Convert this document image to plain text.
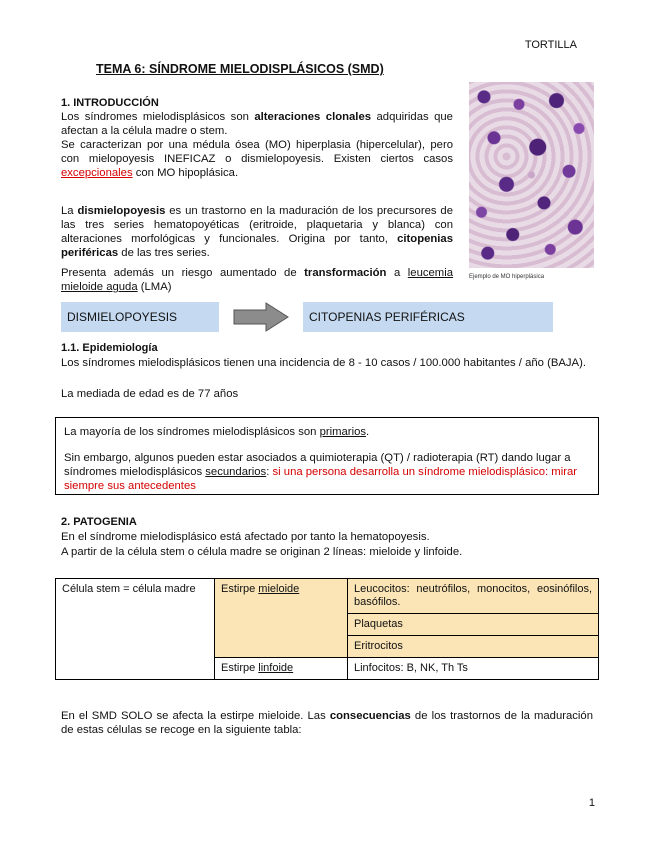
TORTILLA
TEMA 6: SÍNDROME MIELODISPLÁSICOS (SMD)
1. INTRODUCCIÓN
Los síndromes mielodisplásicos son alteraciones clonales adquiridas que afectan a la célula madre o stem.
Se caracterizan por una médula ósea (MO) hiperplasia (hipercelular), pero con mielopoyesis INEFICAZ o dismielopoyesis. Existen ciertos casos excepcionales con MO hipoplásica.
La dismielopoyesis es un trastorno en la maduración de los precursores de las tres series hematopoyéticas (eritroide, plaquetaria y blanca) con alteraciones morfológicas y funcionales. Origina por tanto, citopenias periféricas de las tres series.
Presenta además un riesgo aumentado de transformación a leucemia mieloide aguda (LMA)
Ejemplo de MO hiperplásica
DISMIELOPOYESIS	CITOPENIAS PERIFÉRICAS
1.1. Epidemiología
Los síndromes mielodisplásicos tienen una incidencia de 8 - 10 casos / 100.000 habitantes / año (BAJA).
La mediada de edad es de 77 años
La mayoría de los síndromes mielodisplásicos son primarios.
Sin embargo, algunos pueden estar asociados a quimioterapia (QT) / radioterapia (RT) dando lugar a síndromes mielodisplásicos secundarios: si una persona desarrolla un síndrome mielodisplásico: mirar siempre sus antecedentes
2. PATOGENIA
En el síndrome mielodisplásico está afectado por tanto la hematopoyesis.
A partir de la célula stem o célula madre se originan 2 líneas: mieloide y linfoide.
Célula stem = célula madre	Estirpe mieloide	Leucocitos: neutrófilos, monocitos, eosinófilos, basófilos.
		Plaquetas
		Eritrocitos
	Estirpe linfoide	Linfocitos: B, NK, Th Ts
En el SMD SOLO se afecta la estirpe mieloide. Las consecuencias de los trastornos de la maduración de estas células se recoge en la siguiente tabla:
1
